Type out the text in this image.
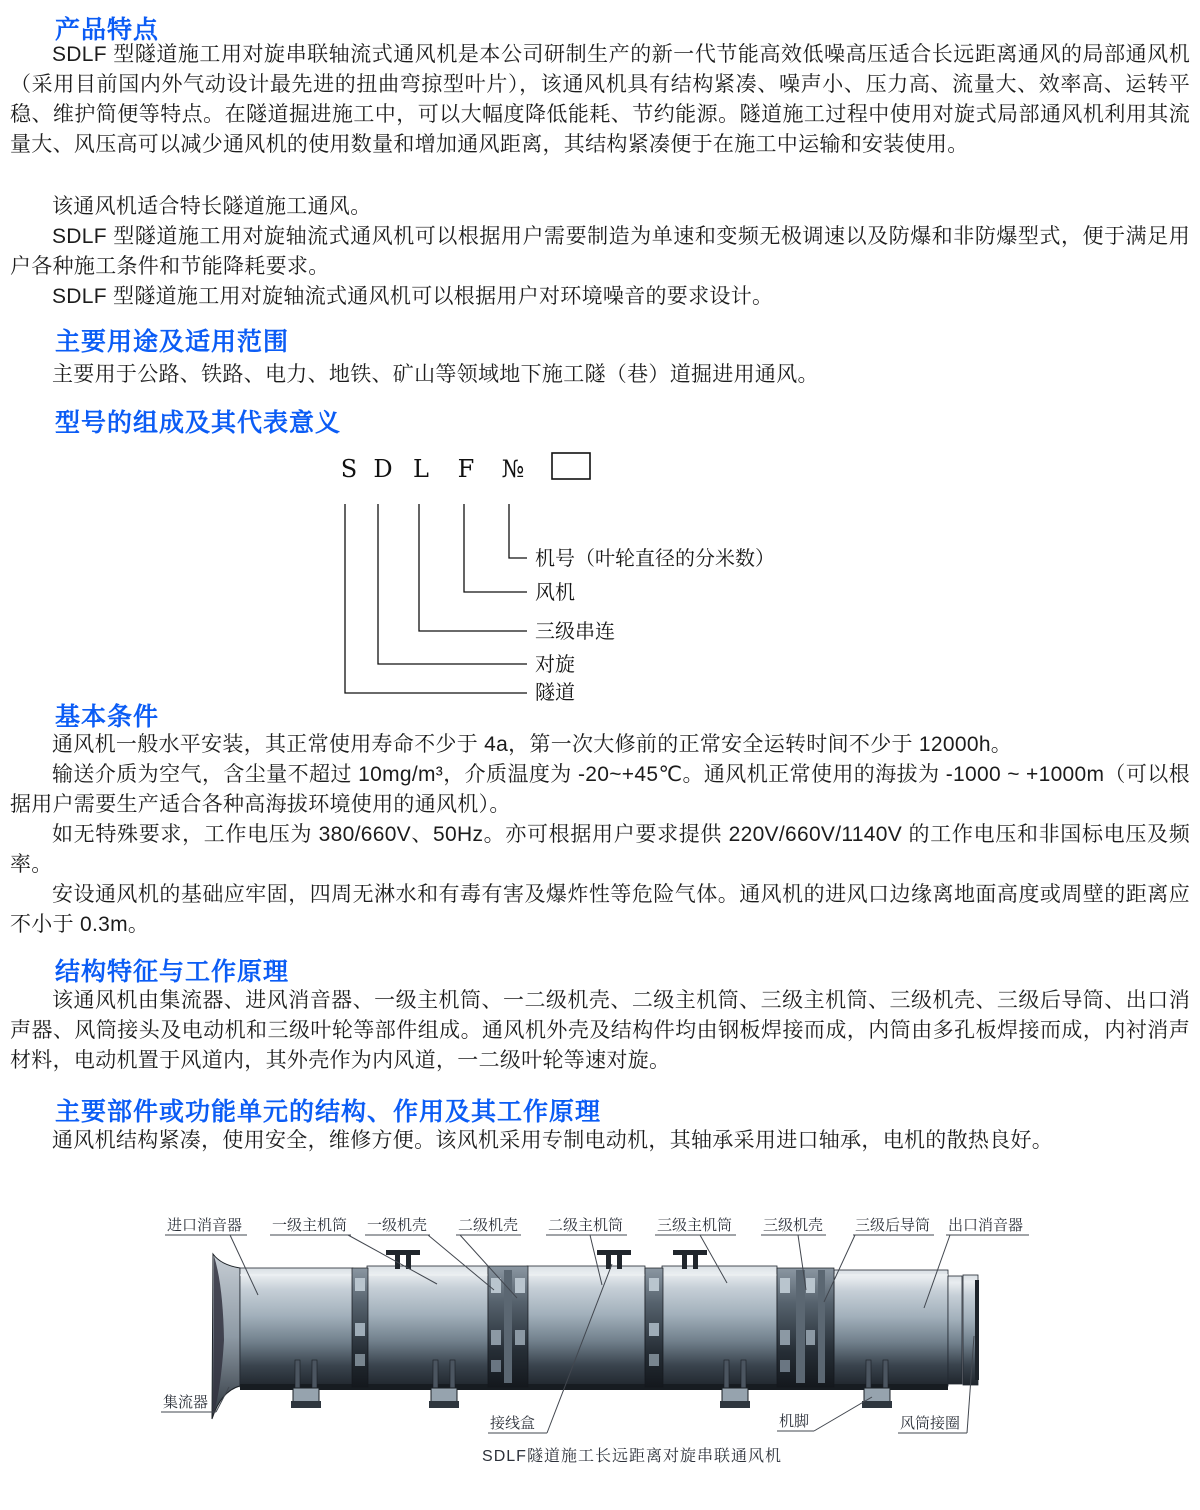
产品特点
SDLF 型隧道施工用对旋串联轴流式通风机是本公司研制生产的新一代节能高效低噪高压适合长远距离通风的局部通风机（采用目前国内外气动设计最先进的扭曲弯掠型叶片），该通风机具有结构紧凑、噪声小、压力高、流量大、效率高、运转平稳、维护简便等特点。在隧道掘进施工中，可以大幅度降低能耗、节约能源。隧道施工过程中使用对旋式局部通风机利用其流量大、风压高可以减少通风机的使用数量和增加通风距离，其结构紧凑便于在施工中运输和安装使用。
该通风机适合特长隧道施工通风。
SDLF 型隧道施工用对旋轴流式通风机可以根据用户需要制造为单速和变频无极调速以及防爆和非防爆型式，便于满足用户各种施工条件和节能降耗要求。
SDLF 型隧道施工用对旋轴流式通风机可以根据用户对环境噪音的要求设计。
主要用途及适用范围
主要用于公路、铁路、电力、地铁、矿山等领域地下施工隧（巷）道掘进用通风。
型号的组成及其代表意义
S D L F №
机号（叶轮直径的分米数）
风机
三级串连
对旋
隧道
基本条件
通风机一般水平安装，其正常使用寿命不少于 4a，第一次大修前的正常安全运转时间不少于 12000h。
输送介质为空气，含尘量不超过 10mg/m³，介质温度为 -20~+45℃。通风机正常使用的海拔为 -1000 ~ +1000m（可以根据用户需要生产适合各种高海拔环境使用的通风机）。
如无特殊要求，工作电压为 380/660V、50Hz。亦可根据用户要求提供 220V/660V/1140V 的工作电压和非国标电压及频率。
安设通风机的基础应牢固，四周无淋水和有毒有害及爆炸性等危险气体。通风机的进风口边缘离地面高度或周壁的距离应不小于 0.3m。
结构特征与工作原理
该通风机由集流器、进风消音器、一级主机筒、一二级机壳、二级主机筒、三级主机筒、三级机壳、三级后导筒、出口消声器、风筒接头及电动机和三级叶轮等部件组成。通风机外壳及结构件均由钢板焊接而成，内筒由多孔板焊接而成，内衬消声材料，电动机置于风道内，其外壳作为内风道，一二级叶轮等速对旋。
主要部件或功能单元的结构、作用及其工作原理
通风机结构紧凑，使用安全，维修方便。该风机采用专制电动机，其轴承采用进口轴承，电机的散热良好。
进口消音器 一级主机筒 一级机壳 二级机壳 二级主机筒 三级主机筒 三级机壳 三级后导筒 出口消音器
集流器
接线盒	机脚	风筒接圈
SDLF隧道施工长远距离对旋串联通风机
